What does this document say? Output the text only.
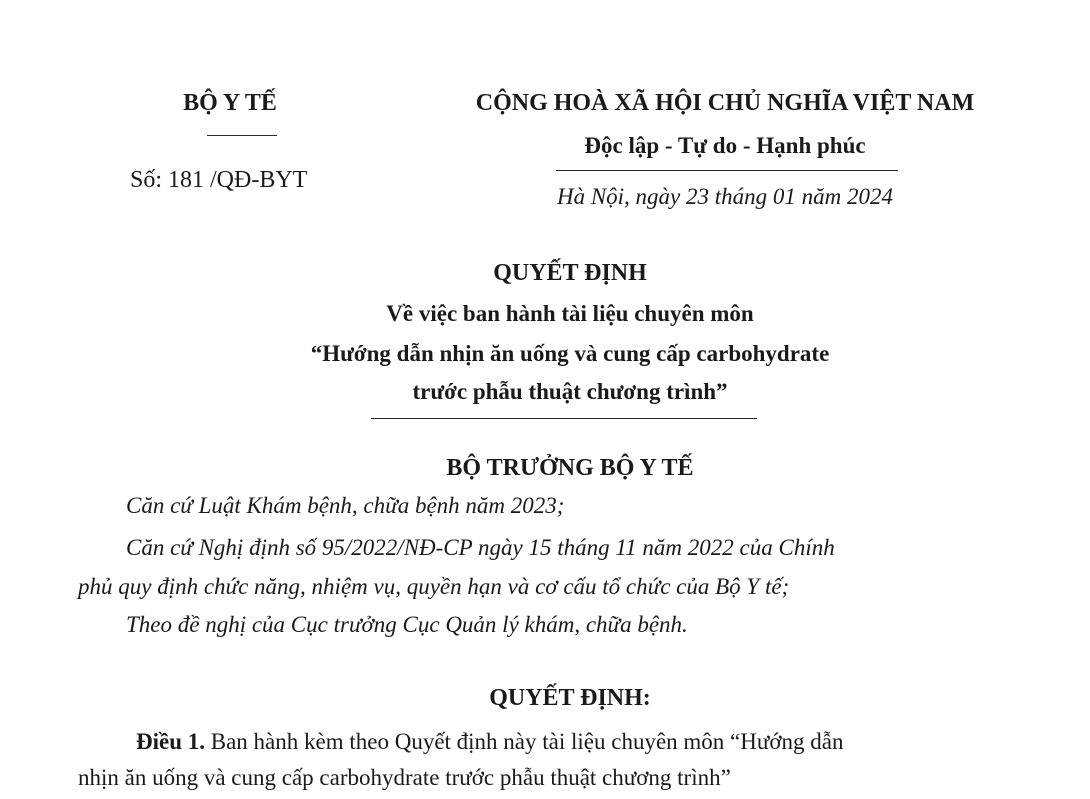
BỘ Y TẾ
Số: 181 /QĐ-BYT
CỘNG HOÀ XÃ HỘI CHỦ NGHĨA VIỆT NAM
Độc lập - Tự do - Hạnh phúc
Hà Nội, ngày 23 tháng 01 năm 2024
QUYẾT ĐỊNH
Về việc ban hành tài liệu chuyên môn
“Hướng dẫn nhịn ăn uống và cung cấp carbohydrate
trước phẫu thuật chương trình”
BỘ TRƯỞNG BỘ Y TẾ
Căn cứ Luật Khám bệnh, chữa bệnh năm 2023;
Căn cứ Nghị định số 95/2022/NĐ-CP ngày 15 tháng 11 năm 2022 của Chính
phủ quy định chức năng, nhiệm vụ, quyền hạn và cơ cấu tổ chức của Bộ Y tế;
Theo đề nghị của Cục trưởng Cục Quản lý khám, chữa bệnh.
QUYẾT ĐỊNH:
Điều 1. Ban hành kèm theo Quyết định này tài liệu chuyên môn “Hướng dẫn
nhịn ăn uống và cung cấp carbohydrate trước phẫu thuật chương trình”
